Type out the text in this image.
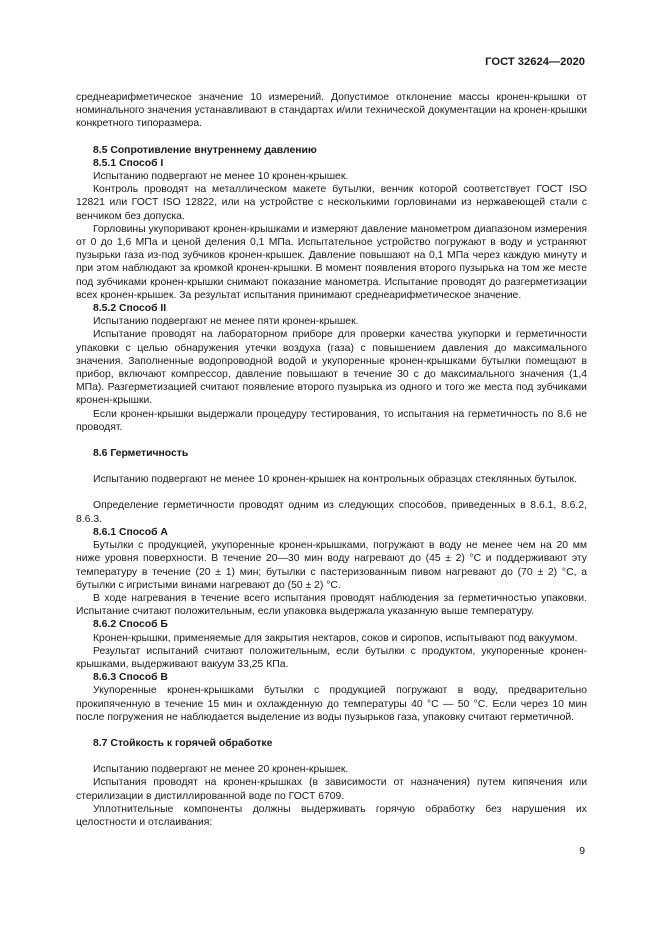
ГОСТ 32624—2020

среднеарифметическое значение 10 измерений. Допустимое отклонение массы кронен-крышки от номинального значения устанавливают в стандартах и/или технической документации на кронен-крышки конкретного типоразмера.

8.5 Сопротивление внутреннему давлению

8.5.1 Способ I

Испытанию подвергают не менее 10 кронен-крышек.

Контроль проводят на металлическом макете бутылки, венчик которой соответствует ГОСТ ISO 12821 или ГОСТ ISO 12822, или на устройстве с несколькими горловинами из нержавеющей стали с венчиком без допуска.

Горловины укупоривают кронен-крышками и измеряют давление манометром диапазоном измерения от 0 до 1,6 МПа и ценой деления 0,1 МПа. Испытательное устройство погружают в воду и устраняют пузырьки газа из-под зубчиков кронен-крышек. Давление повышают на 0,1 МПа через каждую минуту и при этом наблюдают за кромкой кронен-крышки. В момент появления второго пузырька на том же месте под зубчиками кронен-крышки снимают показание манометра. Испытание проводят до разгерметизации всех кронен-крышек. За результат испытания принимают среднеарифметическое значение.

8.5.2 Способ II

Испытанию подвергают не менее пяти кронен-крышек.

Испытание проводят на лабораторном приборе для проверки качества укупорки и герметичности упаковки с целью обнаружения утечки воздуха (газа) с повышением давления до максимального значения. Заполненные водопроводной водой и укупоренные кронен-крышками бутылки помещают в прибор, включают компрессор, давление повышают в течение 30 с до максимального значения (1,4 МПа). Разгерметизацией считают появление второго пузырька из одного и того же места под зубчиками кронен-крышки.

Если кронен-крышки выдержали процедуру тестирования, то испытания на герметичность по 8.6 не проводят.

8.6 Герметичность

Испытанию подвергают не менее 10 кронен-крышек на контрольных образцах стеклянных бутылок.

Определение герметичности проводят одним из следующих способов, приведенных в 8.6.1, 8.6.2, 8.6.3.

8.6.1 Способ А

Бутылки с продукцией, укупоренные кронен-крышками, погружают в воду не менее чем на 20 мм ниже уровня поверхности. В течение 20—30 мин воду нагревают до (45 ± 2) °С и поддерживают эту температуру в течение (20 ± 1) мин; бутылки с пастеризованным пивом нагревают до (70 ± 2) °С, а бутылки с игристыми винами нагревают до (50 ± 2) °С.

В ходе нагревания в течение всего испытания проводят наблюдения за герметичностью упаковки. Испытание считают положительным, если упаковка выдержала указанную выше температуру.

8.6.2 Способ Б

Кронен-крышки, применяемые для закрытия нектаров, соков и сиропов, испытывают под вакуумом.

Результат испытаний считают положительным, если бутылки с продуктом, укупоренные кронен-крышками, выдерживают вакуум 33,25 КПа.

8.6.3 Способ В

Укупоренные кронен-крышками бутылки с продукцией погружают в воду, предварительно прокипяченную в течение 15 мин и охлажденную до температуры 40 °С — 50 °С. Если через 10 мин после погружения не наблюдается выделение из воды пузырьков газа, упаковку считают герметичной.

8.7 Стойкость к горячей обработке

Испытанию подвергают не менее 20 кронен-крышек.

Испытания проводят на кронен-крышках (в зависимости от назначения) путем кипячения или стерилизации в дистиллированной воде по ГОСТ 6709.

Уплотнительные компоненты должны выдерживать горячую обработку без нарушения их целостности и отслаивания:

9
